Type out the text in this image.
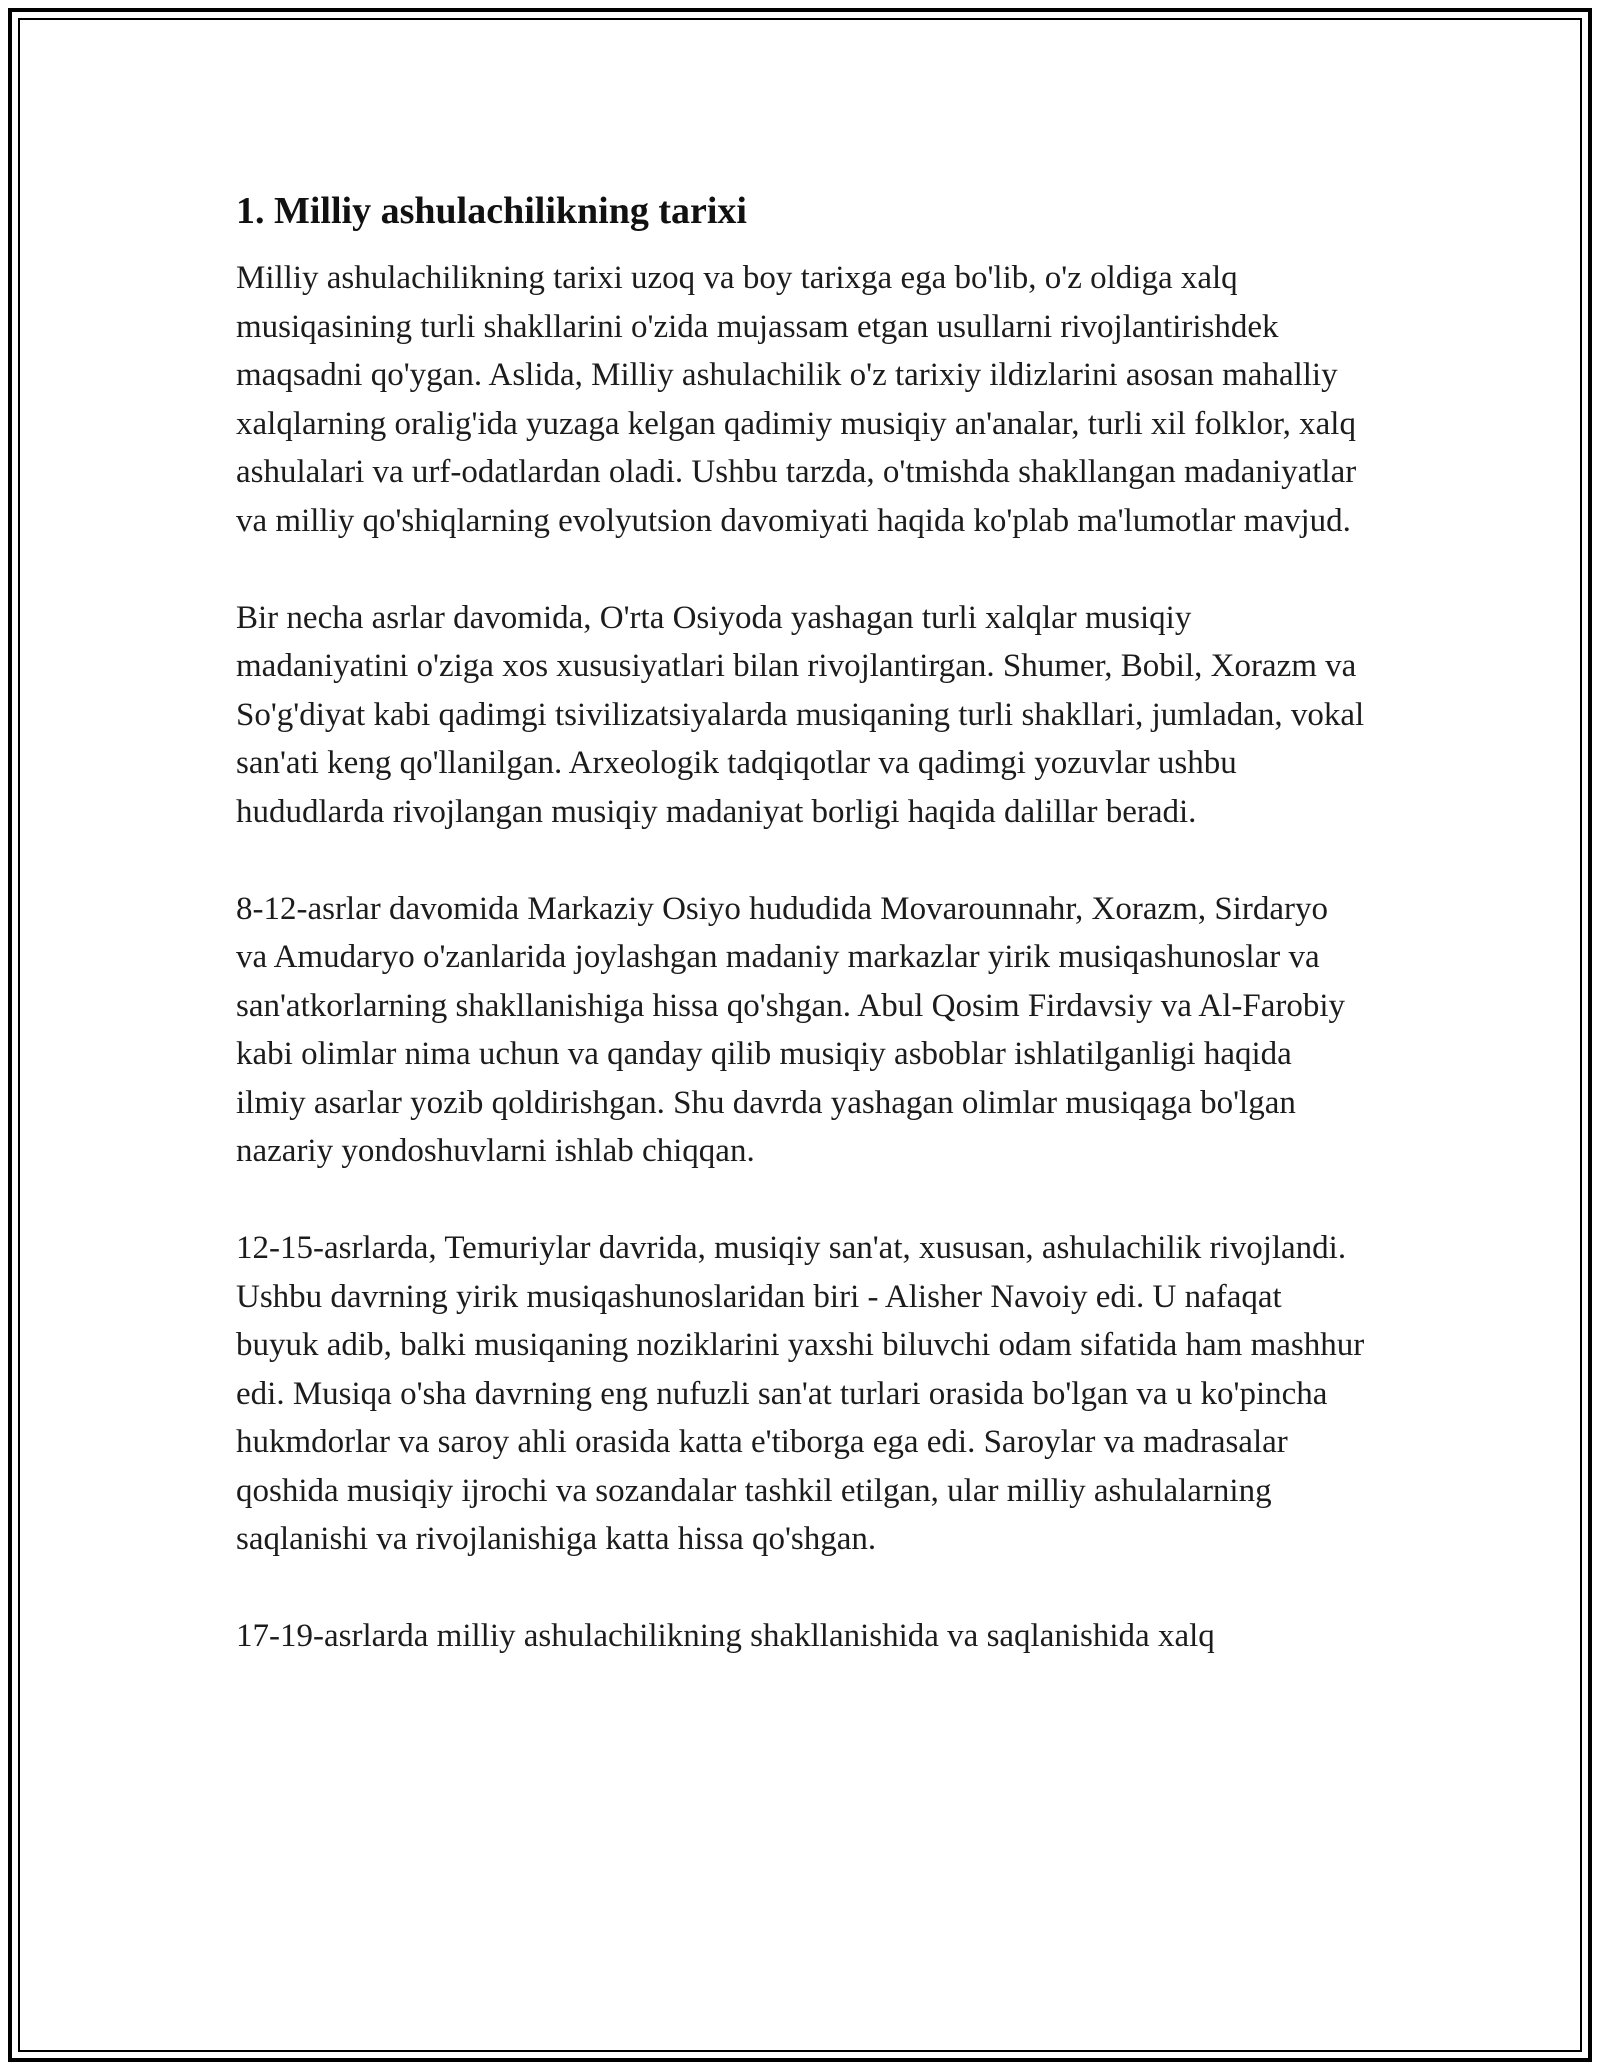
1. Milliy ashulachilikning tarixi

Milliy ashulachilikning tarixi uzoq va boy tarixga ega bo'lib, o'z oldiga xalq musiqasining turli shakllarini o'zida mujassam etgan usullarni rivojlantirishdek maqsadni qo'ygan. Aslida, Milliy ashulachilik o'z tarixiy ildizlarini asosan mahalliy xalqlarning oralig'ida yuzaga kelgan qadimiy musiqiy an'analar, turli xil folklor, xalq ashulalari va urf-odatlardan oladi. Ushbu tarzda, o'tmishda shakllangan madaniyatlar va milliy qo'shiqlarning evolyutsion davomiyati haqida ko'plab ma'lumotlar mavjud.

Bir necha asrlar davomida, O'rta Osiyoda yashagan turli xalqlar musiqiy madaniyatini o'ziga xos xususiyatlari bilan rivojlantirgan. Shumer, Bobil, Xorazm va So'g'diyat kabi qadimgi tsivilizatsiyalarda musiqaning turli shakllari, jumladan, vokal san'ati keng qo'llanilgan. Arxeologik tadqiqotlar va qadimgi yozuvlar ushbu hududlarda rivojlangan musiqiy madaniyat borligi haqida dalillar beradi.

8-12-asrlar davomida Markaziy Osiyo hududida Movarounnahr, Xorazm, Sirdaryo va Amudaryo o'zanlarida joylashgan madaniy markazlar yirik musiqashunoslar va san'atkorlarning shakllanishiga hissa qo'shgan. Abul Qosim Firdavsiy va Al-Farobiy kabi olimlar nima uchun va qanday qilib musiqiy asboblar ishlatilganligi haqida ilmiy asarlar yozib qoldirishgan. Shu davrda yashagan olimlar musiqaga bo'lgan nazariy yondoshuvlarni ishlab chiqqan.

12-15-asrlarda, Temuriylar davrida, musiqiy san'at, xususan, ashulachilik rivojlandi. Ushbu davrning yirik musiqashunoslaridan biri - Alisher Navoiy edi. U nafaqat buyuk adib, balki musiqaning noziklarini yaxshi biluvchi odam sifatida ham mashhur edi. Musiqa o'sha davrning eng nufuzli san'at turlari orasida bo'lgan va u ko'pincha hukmdorlar va saroy ahli orasida katta e'tiborga ega edi. Saroylar va madrasalar qoshida musiqiy ijrochi va sozandalar tashkil etilgan, ular milliy ashulalarning saqlanishi va rivojlanishiga katta hissa qo'shgan.

17-19-asrlarda milliy ashulachilikning shakllanishida va saqlanishida xalq
